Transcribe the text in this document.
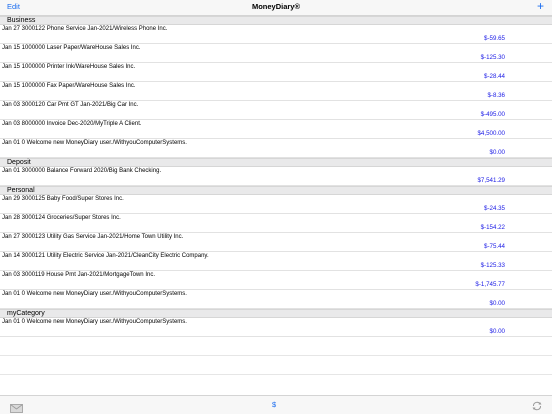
Edit	MoneyDiary®	+
Business
Jan 27 3000122 Phone Service Jan-2021/Wireless Phone Inc.
$-59.65
Jan 15 1000000 Laser Paper/WareHouse Sales Inc.
$-125.30
Jan 15 1000000 Printer Ink/WareHouse Sales Inc.
$-28.44
Jan 15 1000000 Fax Paper/WareHouse Sales Inc.
$-8.36
Jan 03 3000120 Car Pmt GT Jan-2021/Big Car Inc.
$-495.00
Jan 03 8000000 Invoice Dec-2020/MyTriple A Client.
$4,500.00
Jan 01 0 Welcome new MoneyDiary user./WithyouComputerSystems.
$0.00
Deposit
Jan 01 3000000 Balance Forward 2020/Big Bank Checking.
$7,541.29
Personal
Jan 29 3000125 Baby Food/Super Stores Inc.
$-24.35
Jan 28 3000124 Groceries/Super Stores Inc.
$-154.22
Jan 27 3000123 Utility Gas Service Jan-2021/Home Town Utility Inc.
$-75.44
Jan 14 3000121 Utility Electric Service Jan-2021/CleanCity Electric Company.
$-125.33
Jan 03 3000119 House Pmt Jan-2021/MortgageTown Inc.
$-1,745.77
Jan 01 0 Welcome new MoneyDiary user./WithyouComputerSystems.
$0.00
myCategory
Jan 01 0 Welcome new MoneyDiary user./WithyouComputerSystems.
$0.00
$
